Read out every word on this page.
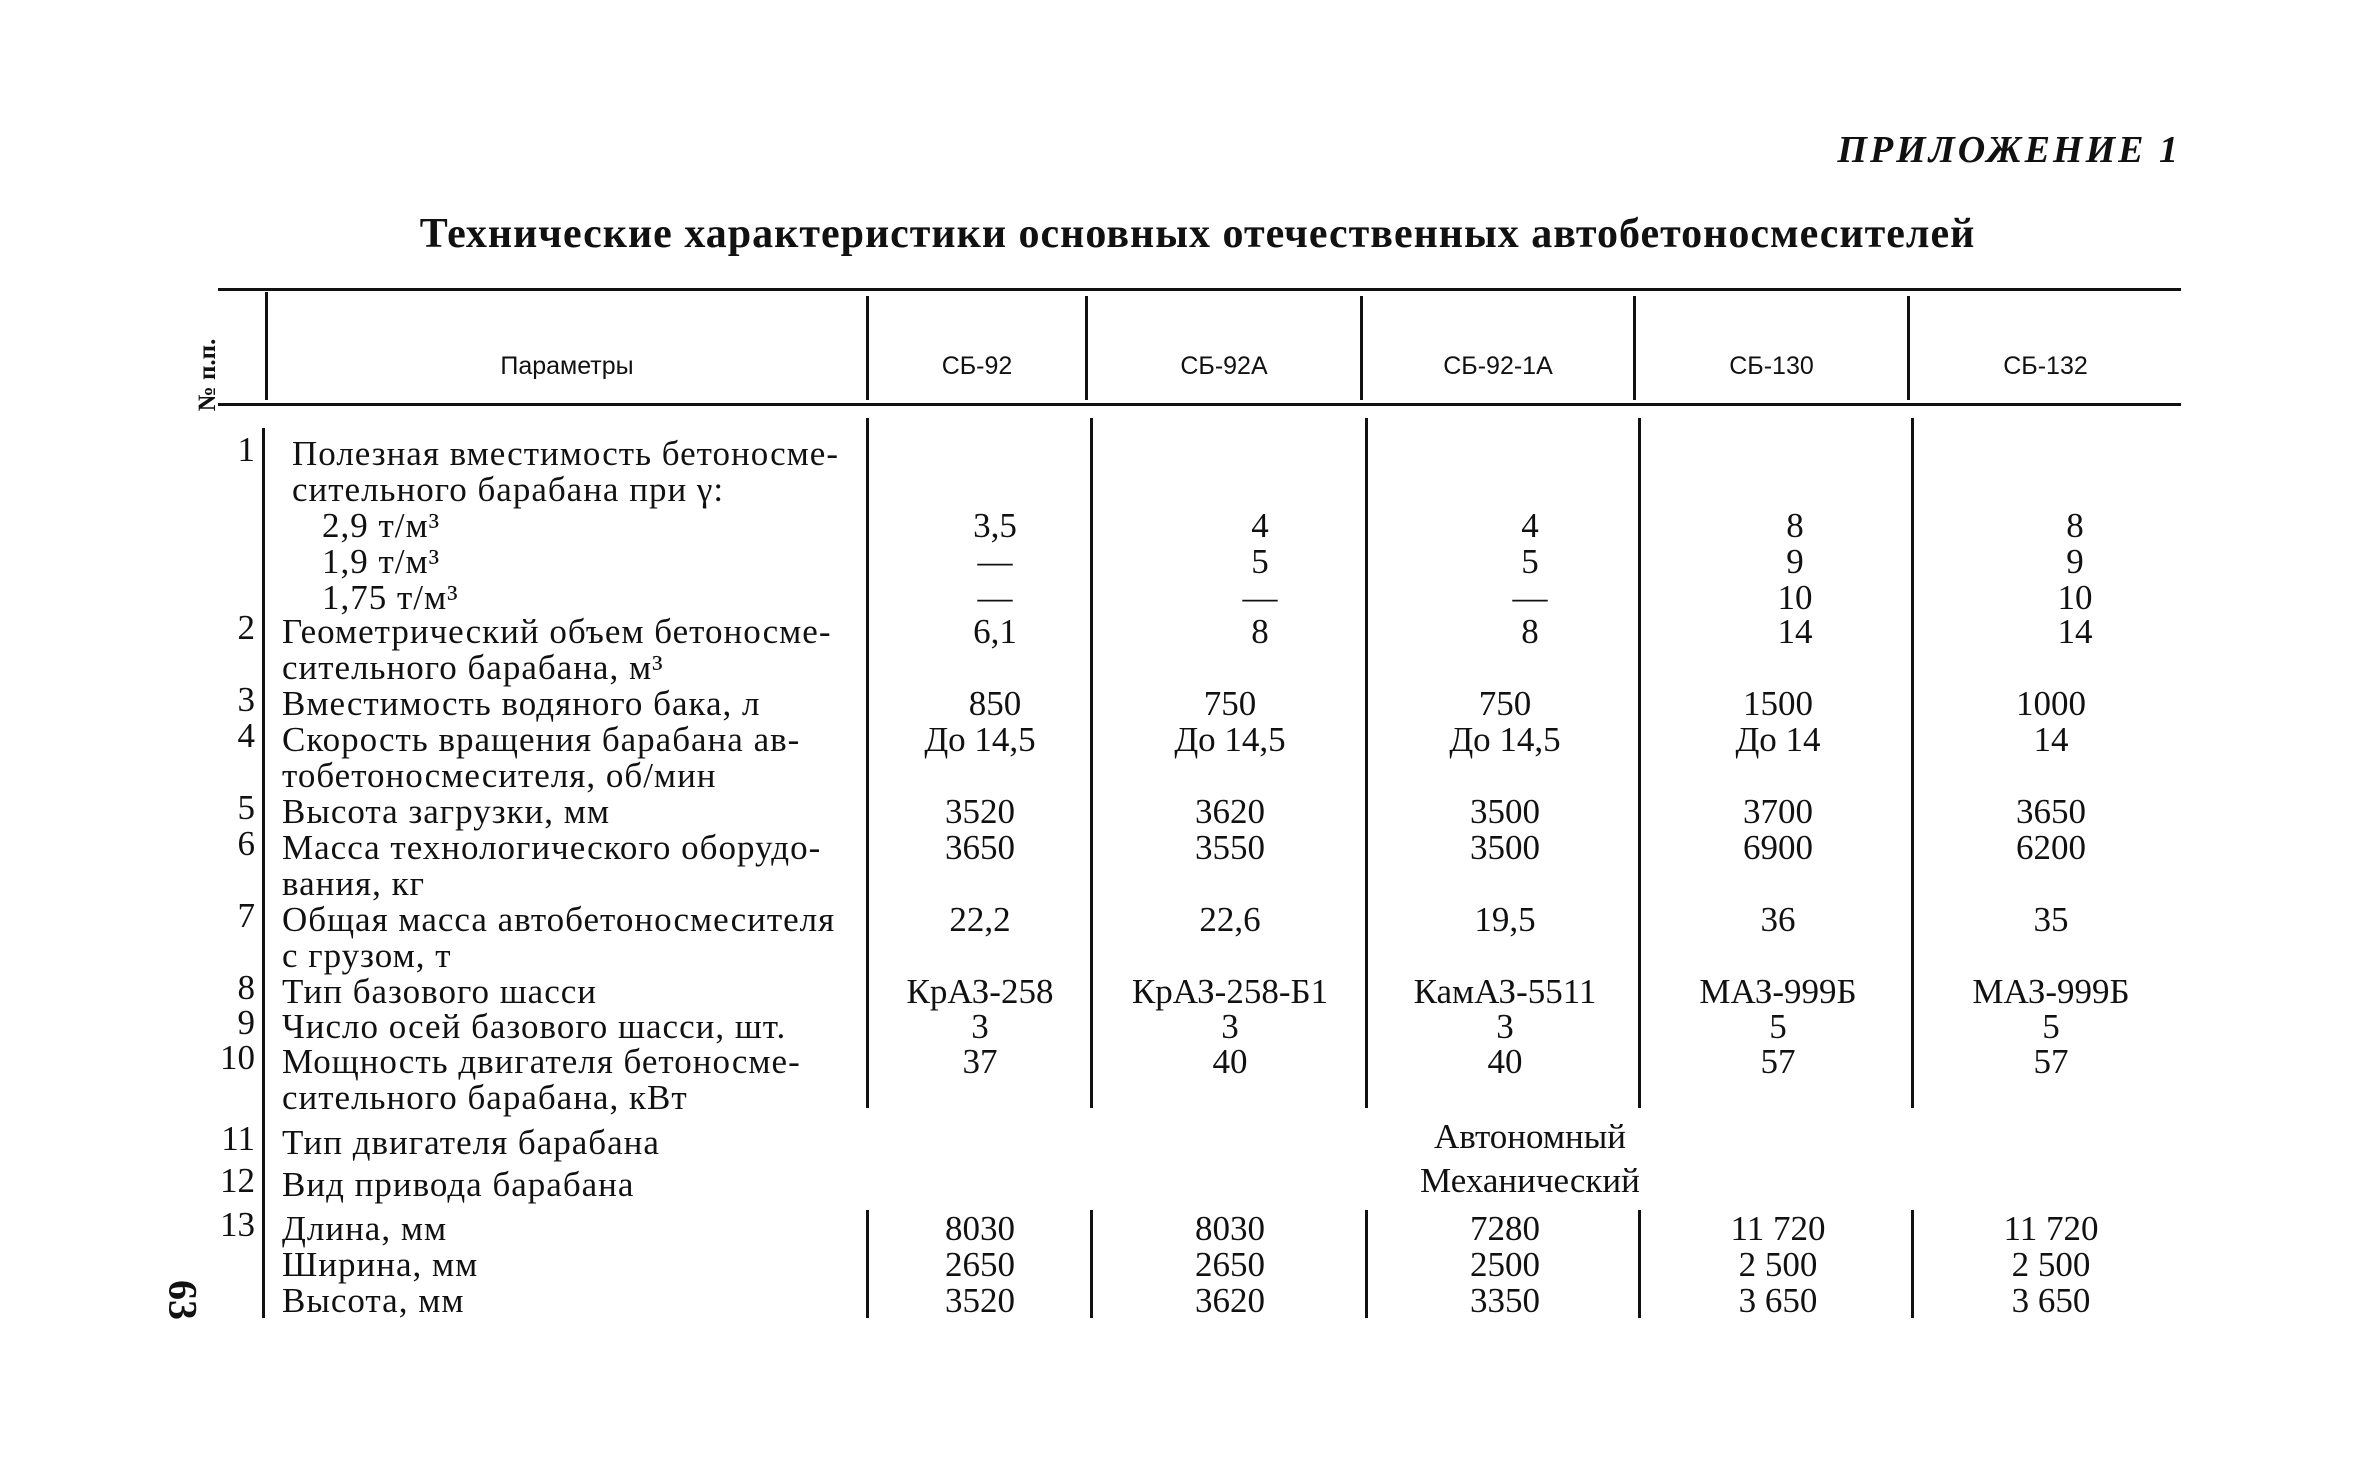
ПРИЛОЖЕНИЕ 1
Технические характеристики основных отечественных автобетоносмесителей
№ п.п.	Параметры	СБ-92	СБ-92А	СБ-92-1А	СБ-130	СБ-132
1 Полезная вместимость бетоносме-
сительного барабана при γ:
2,9 т/м³	3,5	4	4	8	8
1,9 т/м³	—	5	5	9	9
1,75 т/м³	—	—	—	10	10
2 Геометрический объем бетоносме-
сительного барабана, м³
6,1	8	8	14	14
3 Вместимость водяного бака, л	850	750	750	1500	1000
4 Скорость вращения барабана ав-
тобетоносмесителя, об/мин
До 14,5	До 14,5	До 14,5	До 14	14
5 Высота загрузки, мм	3520	3620	3500	3700	3650
6 Масса технологического оборудо-
вания, кг
3650	3550	3500	6900	6200
7 Общая масса автобетоносмесителя
с грузом, т
22,2	22,6	19,5	36	35
8 Тип базового шасси	КрАЗ-258	КрАЗ-258-Б1	КамАЗ-5511	МАЗ-999Б	МАЗ-999Б
9 Число осей базового шасси, шт.	3	3	3	5	5
10 Мощность двигателя бетоносме-
сительного барабана, кВт
37	40	40	57	57
11 Тип двигателя барабана	Автономный
12 Вид привода барабана	Механический
13 Длина, мм	8030	8030	7280	11 720	11 720
Ширина, мм	2650	2650	2500	2 500	2 500
Высота, мм	3520	3620	3350	3 650	3 650
63
